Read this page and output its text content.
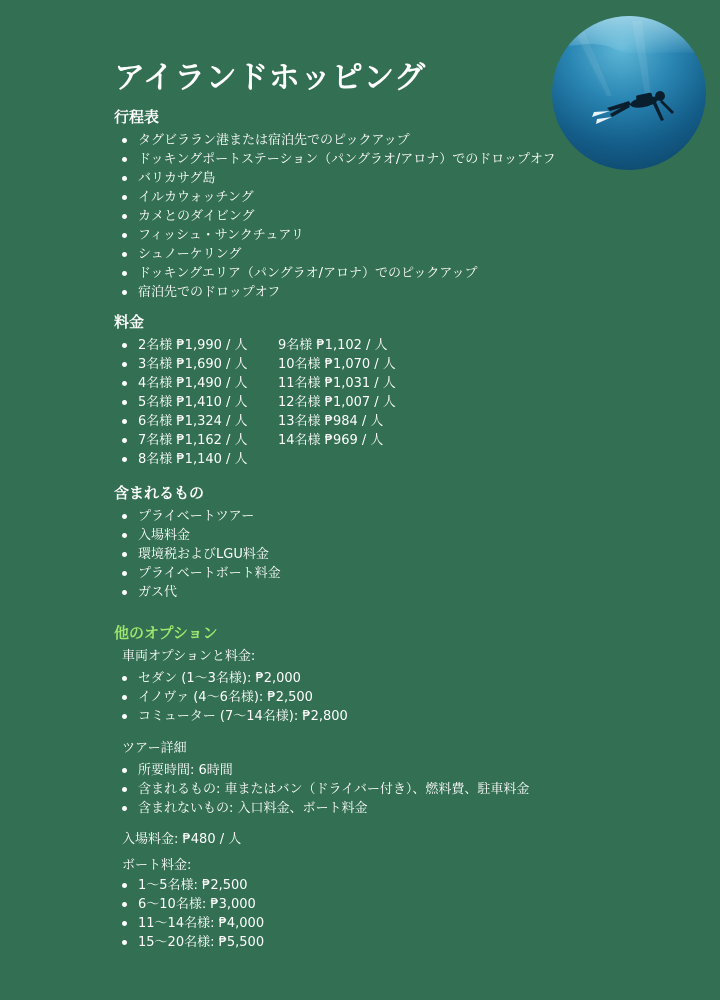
アイランドホッピング
行程表
タグビララン港または宿泊先でのピックアップ
ドッキングポートステーション（パングラオ/アロナ）でのドロップオフ
バリカサグ島
イルカウォッチング
カメとのダイビング
フィッシュ・サンクチュアリ
シュノーケリング
ドッキングエリア（パングラオ/アロナ）でのピックアップ
宿泊先でのドロップオフ
料金
2名様 ₱1,990 / 人 9名様 ₱1,102 / 人
3名様 ₱1,690 / 人 10名様 ₱1,070 / 人
4名様 ₱1,490 / 人 11名様 ₱1,031 / 人
5名様 ₱1,410 / 人 12名様 ₱1,007 / 人
6名様 ₱1,324 / 人 13名様 ₱984 / 人
7名様 ₱1,162 / 人 14名様 ₱969 / 人
8名様 ₱1,140 / 人
含まれるもの
プライベートツアー
入場料金
環境税およびLGU料金
プライベートボート料金
ガス代
他のオプション

車両オプションと料金:

セダン (1〜3名様): ₱2,000
イノヴァ (4〜6名様): ₱2,500
コミューター (7〜14名様): ₱2,800

ツアー詳細

所要時間: 6時間
含まれるもの: 車またはバン（ドライバー付き）、燃料費、駐車料金
含まれないもの: 入口料金、ボート料金

入場料金: ₱480 / 人

ボート料金:

1〜5名様: ₱2,500
6〜10名様: ₱3,000
11〜14名様: ₱4,000
15〜20名様: ₱5,500
